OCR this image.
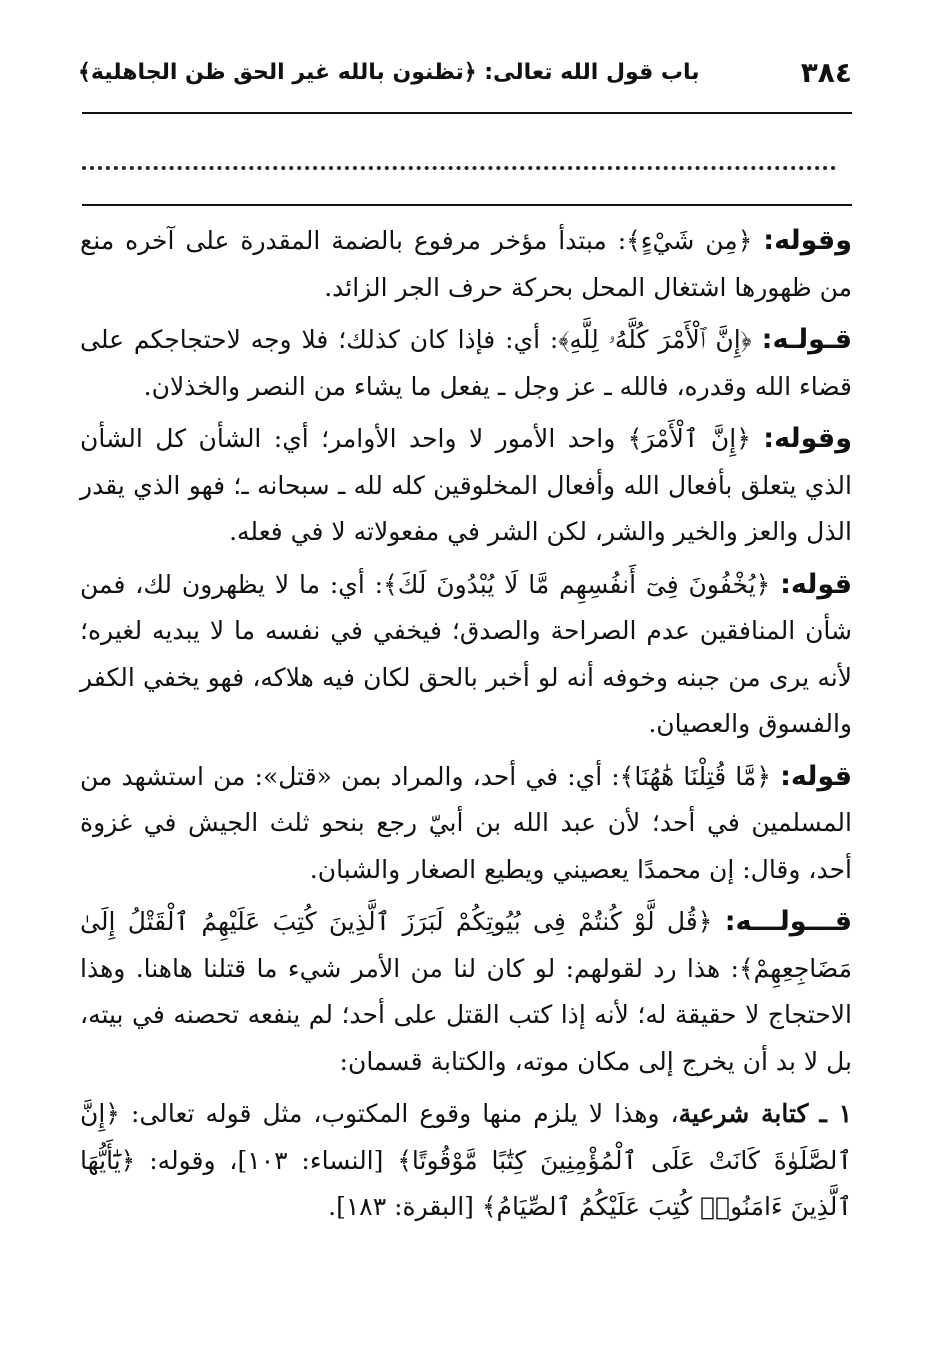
٣٨٤
باب قول الله تعالى: ﴿تظنون بالله غير الحق ظن الجاهلية﴾

وقوله: ﴿مِن شَيْءٍ﴾: مبتدأ مؤخر مرفوع بالضمة المقدرة على آخره منع من ظهورها اشتغال المحل بحركة حرف الجر الزائد.

قـولـه: ﴿إِنَّ ٱلْأَمْرَ كُلَّهُۥ لِلَّهِ﴾: أي: فإذا كان كذلك؛ فلا وجه لاحتجاجكم على قضاء الله وقدره، فالله ـ عز وجل ـ يفعل ما يشاء من النصر والخذلان.

وقوله: ﴿إِنَّ ٱلْأَمْرَ﴾ واحد الأمور لا واحد الأوامر؛ أي: الشأن كل الشأن الذي يتعلق بأفعال الله وأفعال المخلوقين كله لله ـ سبحانه ـ؛ فهو الذي يقدر الذل والعز والخير والشر، لكن الشر في مفعولاته لا في فعله.

قوله: ﴿يُخْفُونَ فِىٓ أَنفُسِهِم مَّا لَا يُبْدُونَ لَكَ﴾: أي: ما لا يظهرون لك، فمن شأن المنافقين عدم الصراحة والصدق؛ فيخفي في نفسه ما لا يبديه لغيره؛ لأنه يرى من جبنه وخوفه أنه لو أخبر بالحق لكان فيه هلاكه، فهو يخفي الكفر والفسوق والعصيان.

قوله: ﴿مَّا قُتِلْنَا هَٰهُنَا﴾: أي: في أحد، والمراد بمن «قتل»: من استشهد من المسلمين في أحد؛ لأن عبد الله بن أبيّ رجع بنحو ثلث الجيش في غزوة أحد، وقال: إن محمدًا يعصيني ويطيع الصغار والشبان.

قـــولـــه: ﴿قُل لَّوْ كُنتُمْ فِى بُيُوتِكُمْ لَبَرَزَ ٱلَّذِينَ كُتِبَ عَلَيْهِمُ ٱلْقَتْلُ إِلَىٰ مَضَاجِعِهِمْ﴾: هذا رد لقولهم: لو كان لنا من الأمر شيء ما قتلنا هاهنا. وهذا الاحتجاج لا حقيقة له؛ لأنه إذا كتب القتل على أحد؛ لم ينفعه تحصنه في بيته، بل لا بد أن يخرج إلى مكان موته، والكتابة قسمان:

١ ـ كتابة شرعية، وهذا لا يلزم منها وقوع المكتوب، مثل قوله تعالى: ﴿إِنَّ ٱلصَّلَوٰةَ كَانَتْ عَلَى ٱلْمُؤْمِنِينَ كِتَٰبًا مَّوْقُوتًا﴾ [النساء: ١٠٣]، وقوله: ﴿يَٰٓأَيُّهَا ٱلَّذِينَ ءَامَنُوا۟ كُتِبَ عَلَيْكُمُ ٱلصِّيَامُ﴾ [البقرة: ١٨٣].
